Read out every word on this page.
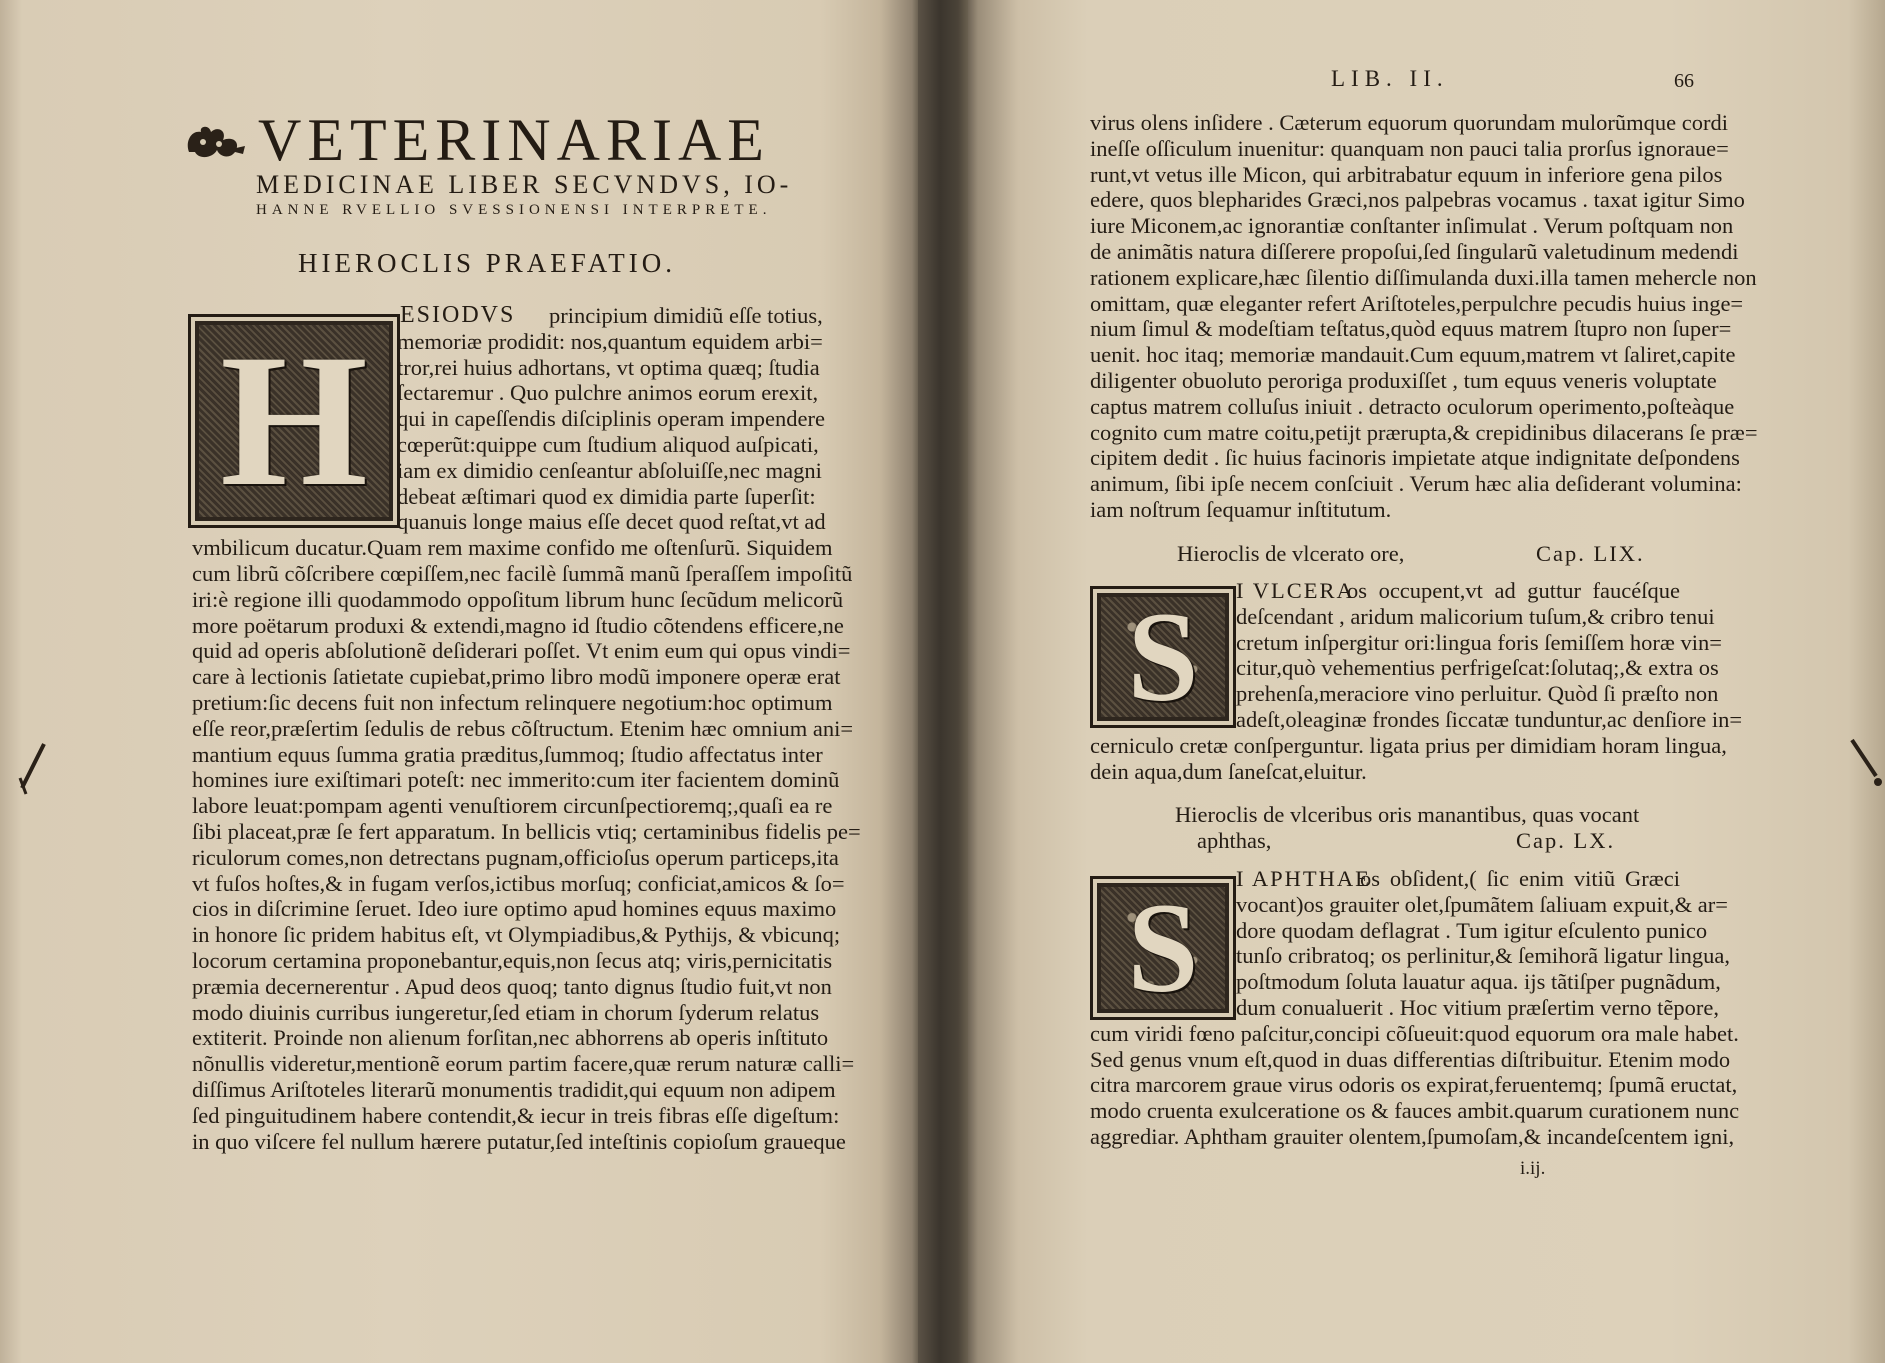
VETERINARIAE
MEDICINAE LIBER SECVNDVS, IO-
HANNE RVELLIO SVESSIONENSI INTERPRETE.
HIEROCLIS PRAEFATIO.
H
ESIODVS	principium dimidiũ eſſe totius,
memoriæ prodidit: nos,quantum equidem arbi=
tror,rei huius adhortans, vt optima quæq; ſtudia
ſectaremur . Quo pulchre animos eorum erexit,
qui in capeſſendis diſciplinis operam impendere
cœperũt:quippe cum ſtudium aliquod auſpicati,
iam ex dimidio cenſeantur abſoluiſſe,nec magni
debeat æſtimari quod ex dimidia parte ſuperſit:
quanuis longe maius eſſe decet quod reſtat,vt ad
vmbilicum ducatur.Quam rem maxime confido me oſtenſurũ. Siquidem
cum librũ cõſcribere cœpiſſem,nec facilè ſummã manũ ſperaſſem impoſitũ
iri:è regione illi quodammodo oppoſitum librum hunc ſecũdum melicorũ
more poëtarum produxi & extendi,magno id ſtudio cõtendens efficere,ne
quid ad operis abſolutionẽ deſiderari poſſet. Vt enim eum qui opus vindi=
care à lectionis ſatietate cupiebat,primo libro modũ imponere operæ erat
pretium:ſic decens fuit non infectum relinquere negotium:hoc optimum
eſſe reor,præſertim ſedulis de rebus cõſtructum. Etenim hæc omnium ani=
mantium equus ſumma gratia præditus,ſummoq; ſtudio affectatus inter
homines iure exiſtimari poteſt: nec immerito:cum iter facientem dominũ
labore leuat:pompam agenti venuſtiorem circunſpectioremq;,quaſi ea re
ſibi placeat,præ ſe fert apparatum. In bellicis vtiq; certaminibus fidelis pe=
riculorum comes,non detrectans pugnam,officioſus operum particeps,ita
vt fuſos hoſtes,& in fugam verſos,ictibus morſuq; conficiat,amicos & ſo=
cios in diſcrimine ſeruet. Ideo iure optimo apud homines equus maximo
in honore ſic pridem habitus eſt, vt Olympiadibus,& Pythijs, & vbicunq;
locorum certamina proponebantur,equis,non ſecus atq; viris,pernicitatis
præmia decernerentur . Apud deos quoq; tanto dignus ſtudio fuit,vt non
modo diuinis curribus iungeretur,ſed etiam in chorum ſyderum relatus
extiterit. Proinde non alienum forſitan,nec abhorrens ab operis inſtituto
nõnullis videretur,mentionẽ eorum partim facere,quæ rerum naturæ calli=
diſſimus Ariſtoteles literarũ monumentis tradidit,qui equum non adipem
ſed pinguitudinem habere contendit,& iecur in treis fibras eſſe digeſtum:
in quo viſcere fel nullum hærere putatur,ſed inteſtinis copioſum graueque
LIB. II.	66
virus olens inſidere . Cæterum equorum quorundam mulorũmque cordi
ineſſe oſſiculum inuenitur: quanquam non pauci talia prorſus ignoraue=
runt,vt vetus ille Micon, qui arbitrabatur equum in inferiore gena pilos
edere, quos blepharides Græci,nos palpebras vocamus . taxat igitur Simo
iure Miconem,ac ignorantiæ conſtanter inſimulat . Verum poſtquam non
de animãtis natura diſſerere propoſui,ſed ſingularũ valetudinum medendi
rationem explicare,hæc ſilentio diſſimulanda duxi.illa tamen mehercle non
omittam, quæ eleganter refert Ariſtoteles,perpulchre pecudis huius inge=
nium ſimul & modeſtiam teſtatus,quòd equus matrem ſtupro non ſuper=
uenit. hoc itaq; memoriæ mandauit.Cum equum,matrem vt ſaliret,capite
diligenter obuoluto peroriga produxiſſet , tum equus veneris voluptate
captus matrem colluſus iniuit . detracto oculorum operimento,poſteàque
cognito cum matre coitu,petijt prærupta,& crepidinibus dilacerans ſe præ=
cipitem dedit . ſic huius facinoris impietate atque indignitate deſpondens
animum, ſibi ipſe necem conſciuit . Verum hæc alia deſiderant volumina:
iam noſtrum ſequamur inſtitutum.
Hieroclis de vlcerato ore,	Cap. LIX.
S	I VLCERA
os occupent,vt ad guttur faucéſque
deſcendant , aridum malicorium tuſum,& cribro tenui
cretum inſpergitur ori:lingua foris ſemiſſem horæ vin=
citur,quò vehementius perfrigeſcat:ſolutaq;,& extra os
prehenſa,meraciore vino perluitur. Quòd ſi præſto non
adeſt,oleaginæ frondes ſiccatæ tunduntur,ac denſiore in=
cerniculo cretæ conſperguntur. ligata prius per dimidiam horam lingua,
dein aqua,dum ſaneſcat,eluitur.
Hieroclis de vlceribus oris manantibus, quas vocant
aphthas,	Cap. LX.
S	I APHTHAE
os obſident,( ſic enim vitiũ Græci
vocant)os grauiter olet,ſpumãtem ſaliuam expuit,& ar=
dore quodam deflagrat . Tum igitur eſculento punico
tunſo cribratoq; os perlinitur,& ſemihorã ligatur lingua,
poſtmodum ſoluta lauatur aqua. ijs tãtiſper pugnãdum,
dum conualuerit . Hoc vitium præſertim verno tẽpore,
cum viridi fœno paſcitur,concipi cõſueuit:quod equorum ora male habet.
Sed genus vnum eſt,quod in duas differentias diſtribuitur. Etenim modo
citra marcorem graue virus odoris os expirat,feruentemq; ſpumã eructat,
modo cruenta exulceratione os & fauces ambit.quarum curationem nunc
aggrediar. Aphtham grauiter olentem,ſpumoſam,& incandeſcentem igni,
i.ij.
